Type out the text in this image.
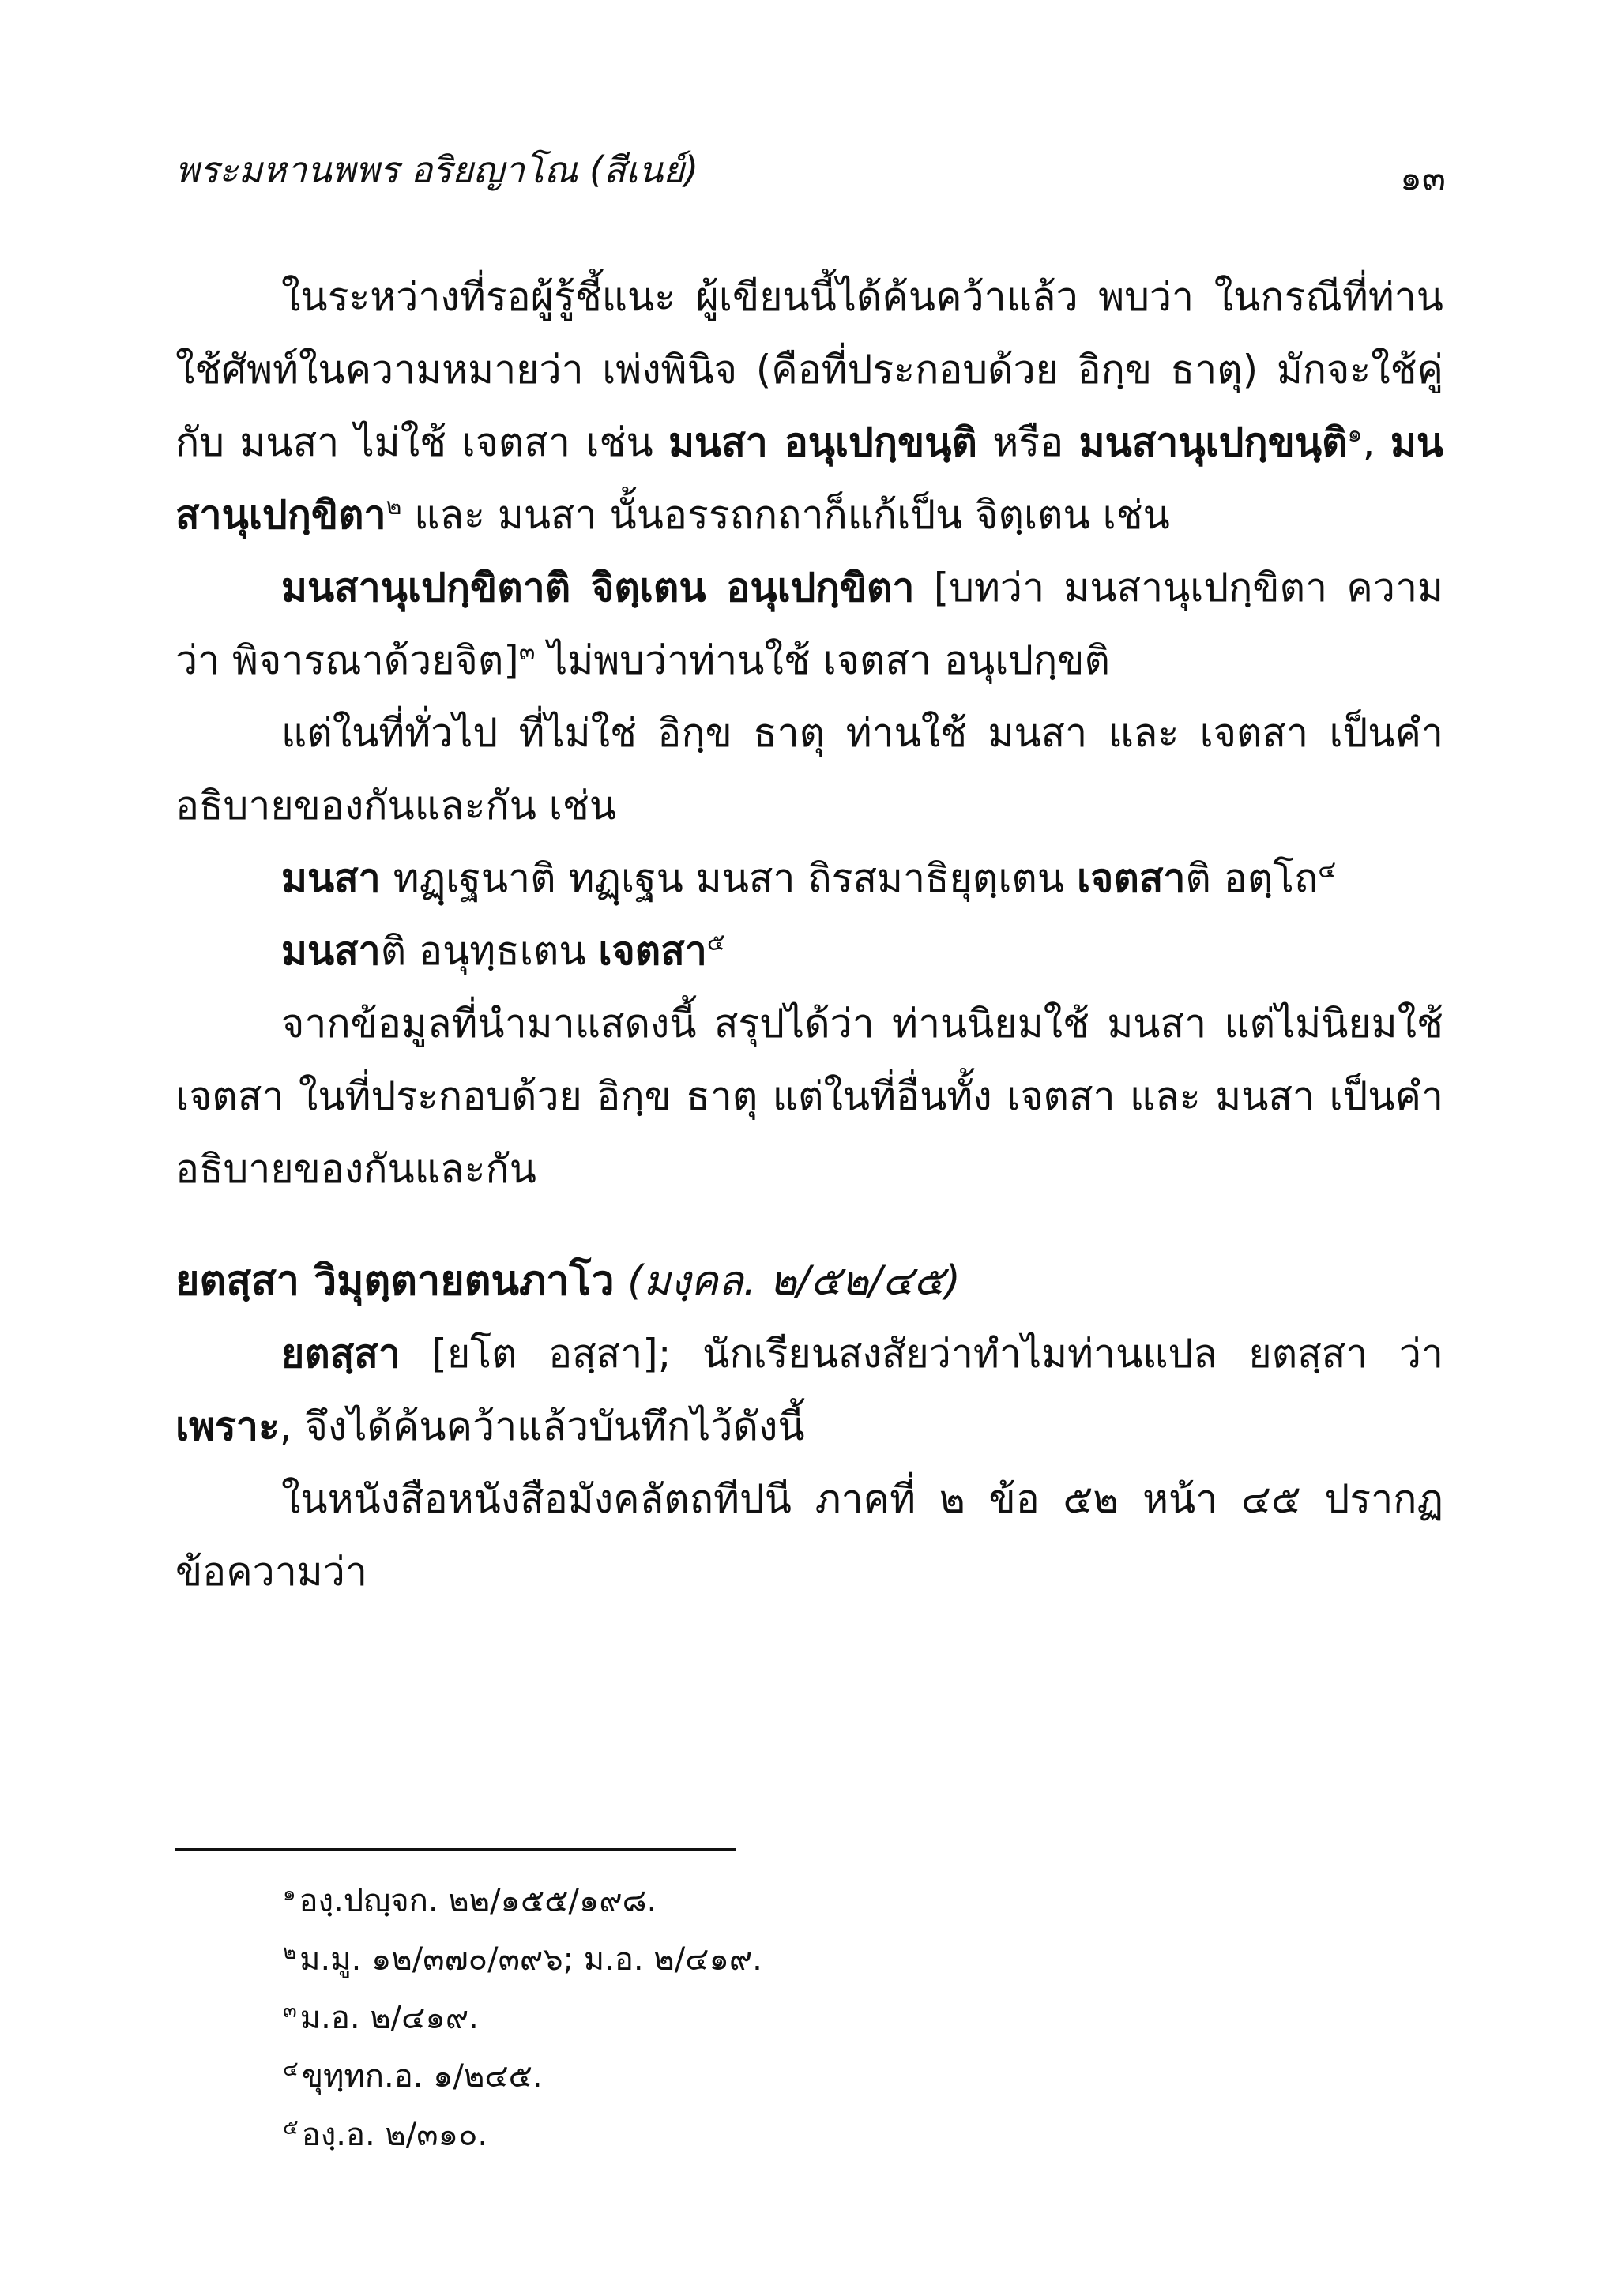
พระมหานพพร อริยญาโณ (สีเนย์)	๑๓

ในระหว่างที่รอผู้รู้ชี้แนะ ผู้เขียนนี้ได้ค้นคว้าแล้ว พบว่า ในกรณีที่ท่านใช้ศัพท์ในความหมายว่า เพ่งพินิจ (คือที่ประกอบด้วย อิกฺข ธาตุ) มักจะใช้คู่กับ มนสา ไม่ใช้ เจตสา เช่น มนสา อนุเปกฺขนฺติ หรือ มนสานุเปกฺขนฺติ$^๑$, มนสานุเปกฺขิตา$^๒$ และ มนสา นั้นอรรถกถาก็แก้เป็น จิตฺเตน เช่น

มนสานุเปกฺขิตาติ จิตฺเตน อนุเปกฺขิตา [บทว่า มนสานุเปกฺขิตา ความว่า พิจารณาด้วยจิต]$^๓$ ไม่พบว่าท่านใช้ เจตสา อนุเปกฺขติ

แต่ในที่ทั่วไป ที่ไม่ใช่ อิกฺข ธาตุ ท่านใช้ มนสา และ เจตสา เป็นคำอธิบายของกันและกัน เช่น

มนสา ทฏฺเฐนาติ ทฏฺเฐน มนสา ถิรสมาธิยุตฺเตน เจตสาติ อตฺโถ$^๔$

มนสาติ อนุทฺธเตน เจตสา$^๕$

จากข้อมูลที่นำมาแสดงนี้ สรุปได้ว่า ท่านนิยมใช้ มนสา แต่ไม่นิยมใช้ เจตสา ในที่ประกอบด้วย อิกฺข ธาตุ แต่ในที่อื่นทั้ง เจตสา และ มนสา เป็นคำอธิบายของกันและกัน

ยตสฺสา วิมุตฺตายตนภาโว (มงฺคล. ๒/๕๒/๔๕)

ยตสฺสา [ยโต อสฺสา]; นักเรียนสงสัยว่าทำไมท่านแปล ยตสฺสา ว่า เพราะ, จึงได้ค้นคว้าแล้วบันทึกไว้ดังนี้

ในหนังสือหนังสือมังคลัตถทีปนี ภาคที่ ๒ ข้อ ๕๒ หน้า ๔๕ ปรากฏข้อความว่า

$^๑$ องฺ.ปญฺจก. ๒๒/๑๕๕/๑๙๘.

$^๒$ ม.มู. ๑๒/๓๗๐/๓๙๖; ม.อ. ๒/๔๑๙.

$^๓$ ม.อ. ๒/๔๑๙.

$^๔$ ขุทฺทก.อ. ๑/๒๔๕.

$^๕$ องฺ.อ. ๒/๓๑๐.
